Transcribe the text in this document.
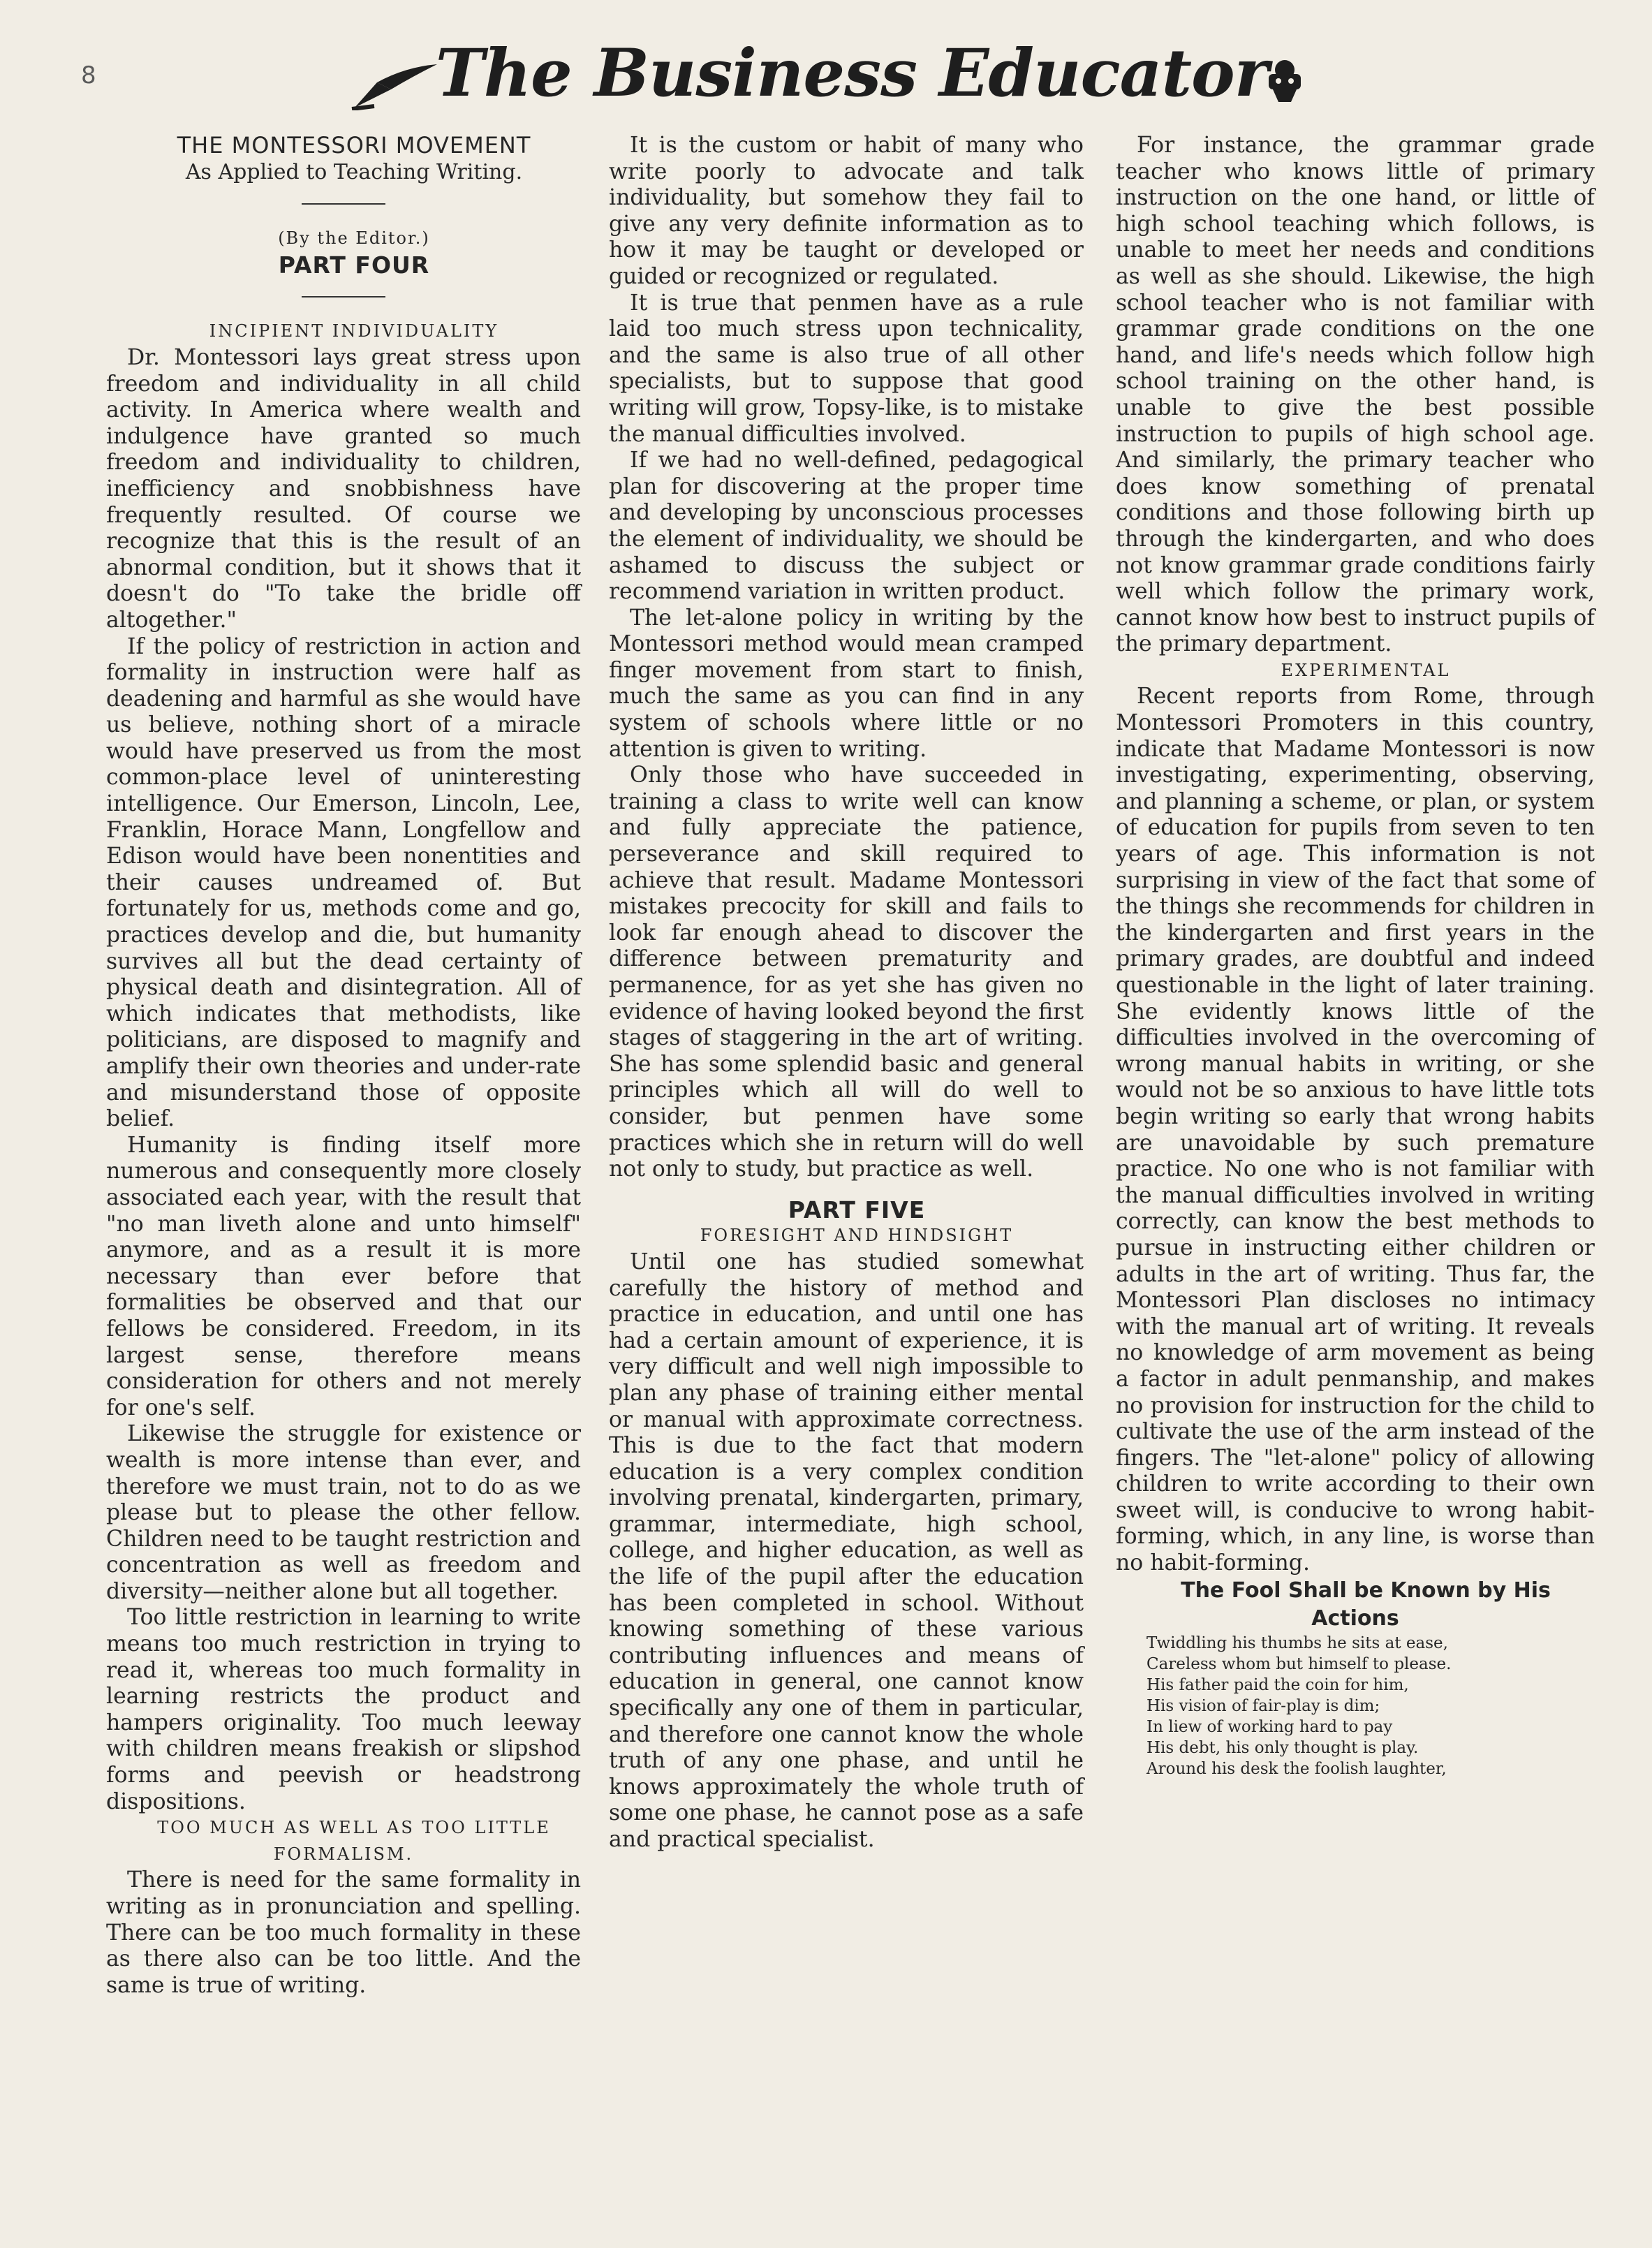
8	The Business Educator

THE MONTESSORI MOVEMENT

As Applied to Teaching Writing.

(By the Editor.)

PART FOUR

INCIPIENT INDIVIDUALITY

Dr. Montessori lays great stress upon freedom and individuality in all child activity. In America where wealth and indulgence have granted so much freedom and individuality to children, inefficiency and snobbishness have frequently resulted. Of course we recognize that this is the result of an abnormal condition, but it shows that it doesn't do "To take the bridle off altogether."

If the policy of restriction in action and formality in instruction were half as deadening and harmful as she would have us believe, nothing short of a miracle would have preserved us from the most common-place level of uninteresting intelligence. Our Emerson, Lincoln, Lee, Franklin, Horace Mann, Longfellow and Edison would have been nonentities and their causes undreamed of. But fortunately for us, methods come and go, practices develop and die, but humanity survives all but the dead certainty of physical death and disintegration. All of which indicates that methodists, like politicians, are disposed to magnify and amplify their own theories and under-rate and misunderstand those of opposite belief.

Humanity is finding itself more numerous and consequently more closely associated each year, with the result that "no man liveth alone and unto himself" anymore, and as a result it is more necessary than ever before that formalities be observed and that our fellows be considered. Freedom, in its largest sense, therefore means consideration for others and not merely for one's self.

Likewise the struggle for existence or wealth is more intense than ever, and therefore we must train, not to do as we please but to please the other fellow. Children need to be taught restriction and concentration as well as freedom and diversity—neither alone but all together.

Too little restriction in learning to write means too much restriction in trying to read it, whereas too much formality in learning restricts the product and hampers originality. Too much leeway with children means freakish or slipshod forms and peevish or headstrong dispositions.

TOO MUCH AS WELL AS TOO LITTLE FORMALISM.

There is need for the same formality in writing as in pronunciation and spelling. There can be too much formality in these as there also can be too little. And the same is true of writing.

It is the custom or habit of many who write poorly to advocate and talk individuality, but somehow they fail to give any very definite information as to how it may be taught or developed or guided or recognized or regulated.

It is true that penmen have as a rule laid too much stress upon technicality, and the same is also true of all other specialists, but to suppose that good writing will grow, Topsy-like, is to mistake the manual difficulties involved.

If we had no well-defined, pedagogical plan for discovering at the proper time and developing by unconscious processes the element of individuality, we should be ashamed to discuss the subject or recommend variation in written product.

The let-alone policy in writing by the Montessori method would mean cramped finger movement from start to finish, much the same as you can find in any system of schools where little or no attention is given to writing.

Only those who have succeeded in training a class to write well can know and fully appreciate the patience, perseverance and skill required to achieve that result. Madame Montessori mistakes precocity for skill and fails to look far enough ahead to discover the difference between prematurity and permanence, for as yet she has given no evidence of having looked beyond the first stages of staggering in the art of writing. She has some splendid basic and general principles which all will do well to consider, but penmen have some practices which she in return will do well not only to study, but practice as well.

PART FIVE

FORESIGHT AND HINDSIGHT

Until one has studied somewhat carefully the history of method and practice in education, and until one has had a certain amount of experience, it is very difficult and well nigh impossible to plan any phase of training either mental or manual with approximate correctness. This is due to the fact that modern education is a very complex condition involving prenatal, kindergarten, primary, grammar, intermediate, high school, college, and higher education, as well as the life of the pupil after the education has been completed in school. Without knowing something of these various contributing influences and means of education in general, one cannot know specifically any one of them in particular, and therefore one cannot know the whole truth of any one phase, and until he knows approximately the whole truth of some one phase, he cannot pose as a safe and practical specialist.

For instance, the grammar grade teacher who knows little of primary instruction on the one hand, or little of high school teaching which follows, is unable to meet her needs and conditions as well as she should. Likewise, the high school teacher who is not familiar with grammar grade conditions on the one hand, and life's needs which follow high school training on the other hand, is unable to give the best possible instruction to pupils of high school age. And similarly, the primary teacher who does know something of prenatal conditions and those following birth up through the kindergarten, and who does not know grammar grade conditions fairly well which follow the primary work, cannot know how best to instruct pupils of the primary department.

EXPERIMENTAL

Recent reports from Rome, through Montessori Promoters in this country, indicate that Madame Montessori is now investigating, experimenting, observing, and planning a scheme, or plan, or system of education for pupils from seven to ten years of age. This information is not surprising in view of the fact that some of the things she recommends for children in the kindergarten and first years in the primary grades, are doubtful and indeed questionable in the light of later training. She evidently knows little of the difficulties involved in the overcoming of wrong manual habits in writing, or she would not be so anxious to have little tots begin writing so early that wrong habits are unavoidable by such premature practice. No one who is not familiar with the manual difficulties involved in writing correctly, can know the best methods to pursue in instructing either children or adults in the art of writing. Thus far, the Montessori Plan discloses no intimacy with the manual art of writing. It reveals no knowledge of arm movement as being a factor in adult penmanship, and makes no provision for instruction for the child to cultivate the use of the arm instead of the fingers. The "let-alone" policy of allowing children to write according to their own sweet will, is conducive to wrong habit-forming, which, in any line, is worse than no habit-forming.

The Fool Shall be Known by His Actions

Twiddling his thumbs he sits at ease,
Careless whom but himself to please.
His father paid the coin for him,
His vision of fair-play is dim;
In liew of working hard to pay
His debt, his only thought is play.
Around his desk the foolish laughter,
